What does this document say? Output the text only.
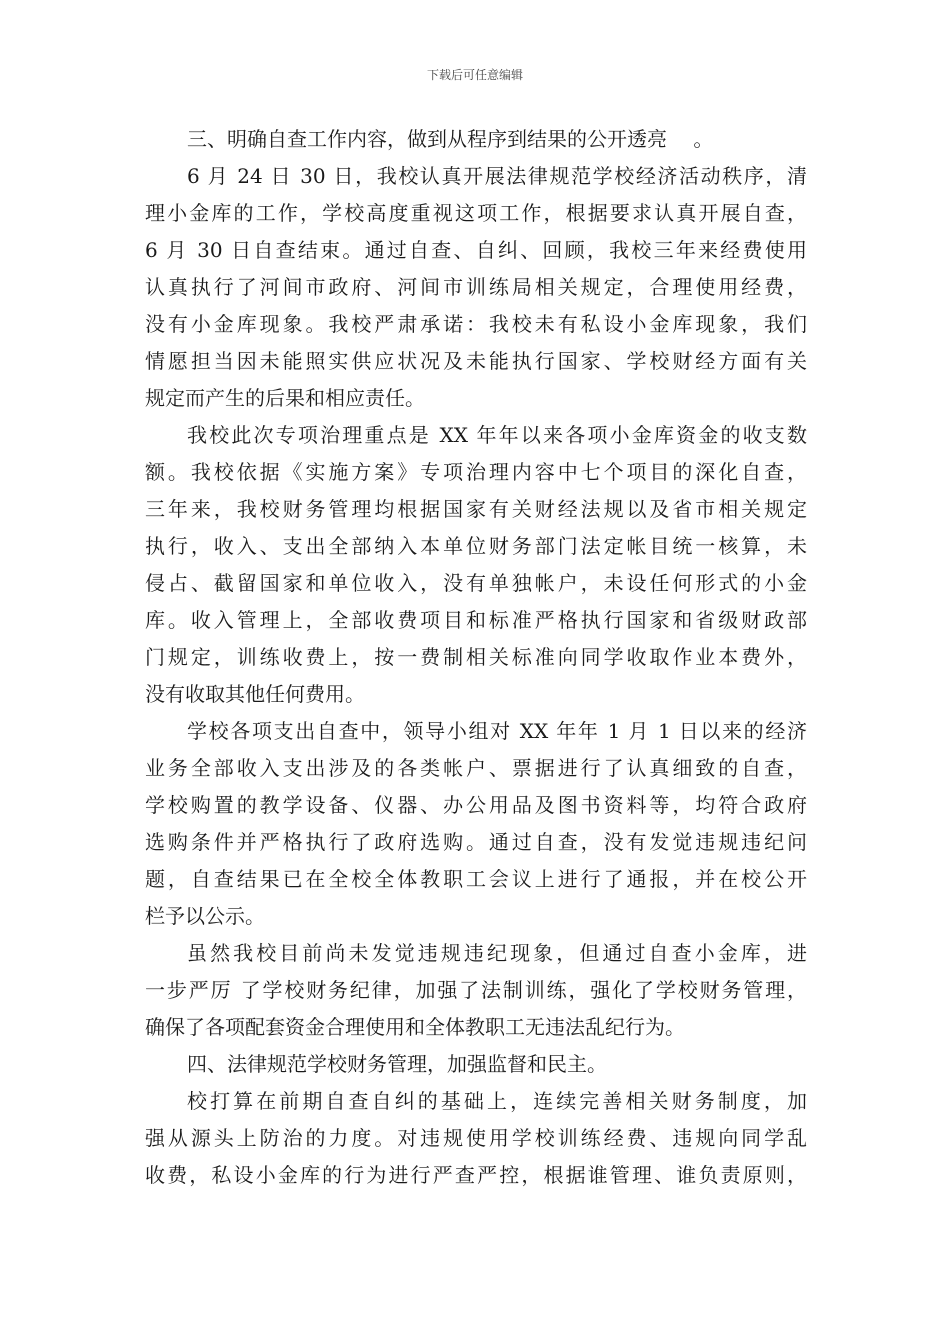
下载后可任意编辑
三、明确自查工作内容，做到从程序到结果的公开透亮　 。
6 月 24 日 30 日，我校认真开展法律规范学校经济活动秩序，清
理小金库的工作，学校高度重视这项工作，根据要求认真开展自查，
6 月 30 日自查结束。通过自查、自纠、回顾，我校三年来经费使用
认真执行了河间市政府、河间市训练局相关规定，合理使用经费，
没有小金库现象。我校严肃承诺：我校未有私设小金库现象，我们
情愿担当因未能照实供应状况及未能执行国家、学校财经方面有关
规定而产生的后果和相应责任。
我校此次专项治理重点是 XX 年年以来各项小金库资金的收支数
额。我校依据《实施方案》专项治理内容中七个项目的深化自查，
三年来，我校财务管理均根据国家有关财经法规以及省市相关规定
执行，收入、支出全部纳入本单位财务部门法定帐目统一核算，未
侵占、截留国家和单位收入，没有单独帐户，未设任何形式的小金
库。收入管理上，全部收费项目和标准严格执行国家和省级财政部
门规定，训练收费上，按一费制相关标准向同学收取作业本费外，
没有收取其他任何费用。
学校各项支出自查中，领导小组对 XX 年年 1 月 1 日以来的经济
业务全部收入支出涉及的各类帐户、票据进行了认真细致的自查，
学校购置的教学设备、仪器、办公用品及图书资料等，均符合政府
选购条件并严格执行了政府选购。通过自查，没有发觉违规违纪问
题，自查结果已在全校全体教职工会议上进行了通报，并在校公开
栏予以公示。
虽然我校目前尚未发觉违规违纪现象，但通过自查小金库，进
一步严厉 了学校财务纪律，加强了法制训练，强化了学校财务管理，
确保了各项配套资金合理使用和全体教职工无违法乱纪行为。
四、法律规范学校财务管理，加强监督和民主。
校打算在前期自查自纠的基础上，连续完善相关财务制度，加
强从源头上防治的力度。对违规使用学校训练经费、违规向同学乱
收费，私设小金库的行为进行严查严控，根据谁管理、谁负责原则，
